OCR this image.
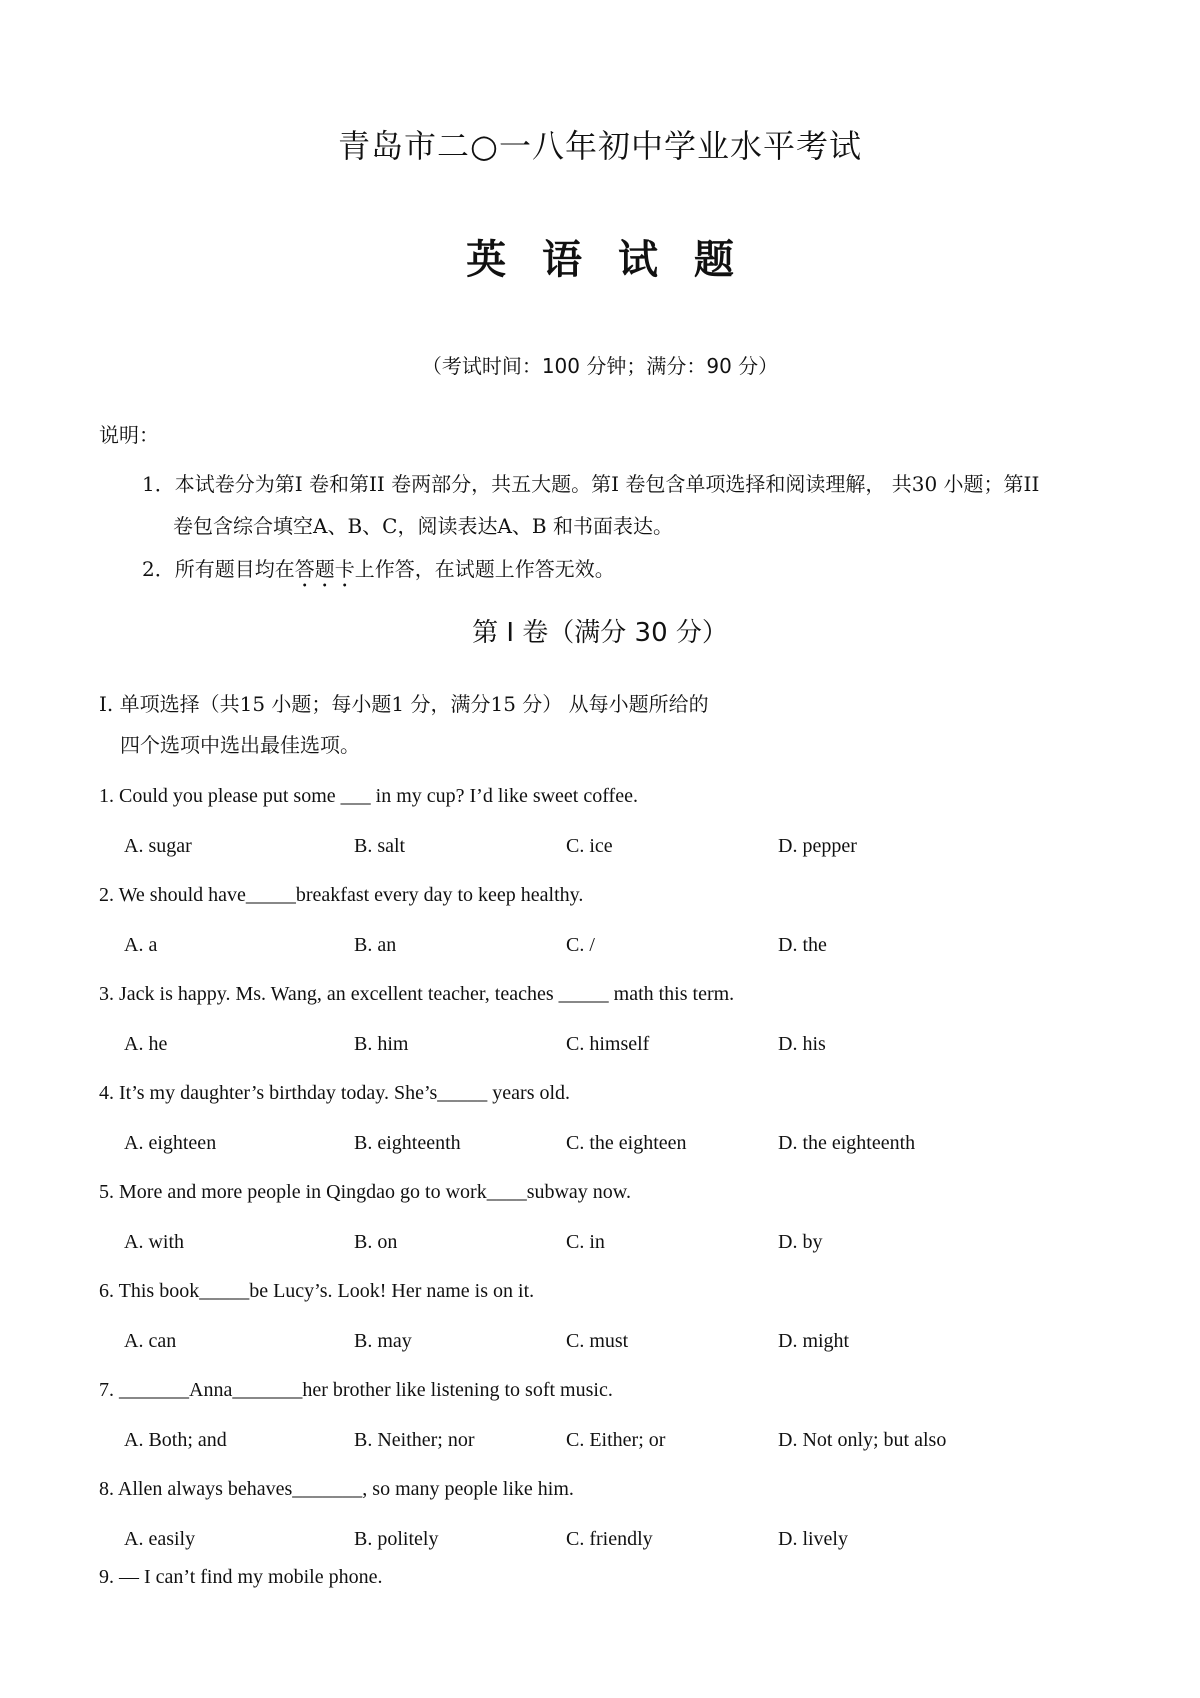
青岛市二○一八年初中学业水平考试
英 语 试 题
（考试时间：100 分钟；满分：90 分）
说明：
1．本试卷分为第I 卷和第II 卷两部分，共五大题。第I 卷包含单项选择和阅读理解， 共30 小题；第II
卷包含综合填空A、B、C，阅读表达A、B 和书面表达。
2．所有题目均在答题卡上作答，在试题上作答无效。
第 I 卷（满分 30 分）
I. 单项选择（共15 小题；每小题1 分，满分15 分） 从每小题所给的
四个选项中选出最佳选项。
1. Could you please put some ___ in my cup? I’d like sweet coffee.
A. sugar	B. salt	C. ice	D. pepper
2. We should have_____breakfast every day to keep healthy.
A. a	B. an	C. /	D. the
3. Jack is happy. Ms. Wang, an excellent teacher, teaches _____ math this term.
A. he	B. him	C. himself	D. his
4. It’s my daughter’s birthday today. She’s_____ years old.
A. eighteen	B. eighteenth	C. the eighteen	D. the eighteenth
5. More and more people in Qingdao go to work____subway now.
A. with	B. on	C. in	D. by
6. This book_____be Lucy’s. Look! Her name is on it.
A. can	B. may	C. must	D. might
7. _______Anna_______her brother like listening to soft music.
A. Both; and	B. Neither; nor	C. Either; or	D. Not only; but also
8. Allen always behaves_______, so many people like him.
A. easily	B. politely	C. friendly	D. lively
9. — I can’t find my mobile phone.
